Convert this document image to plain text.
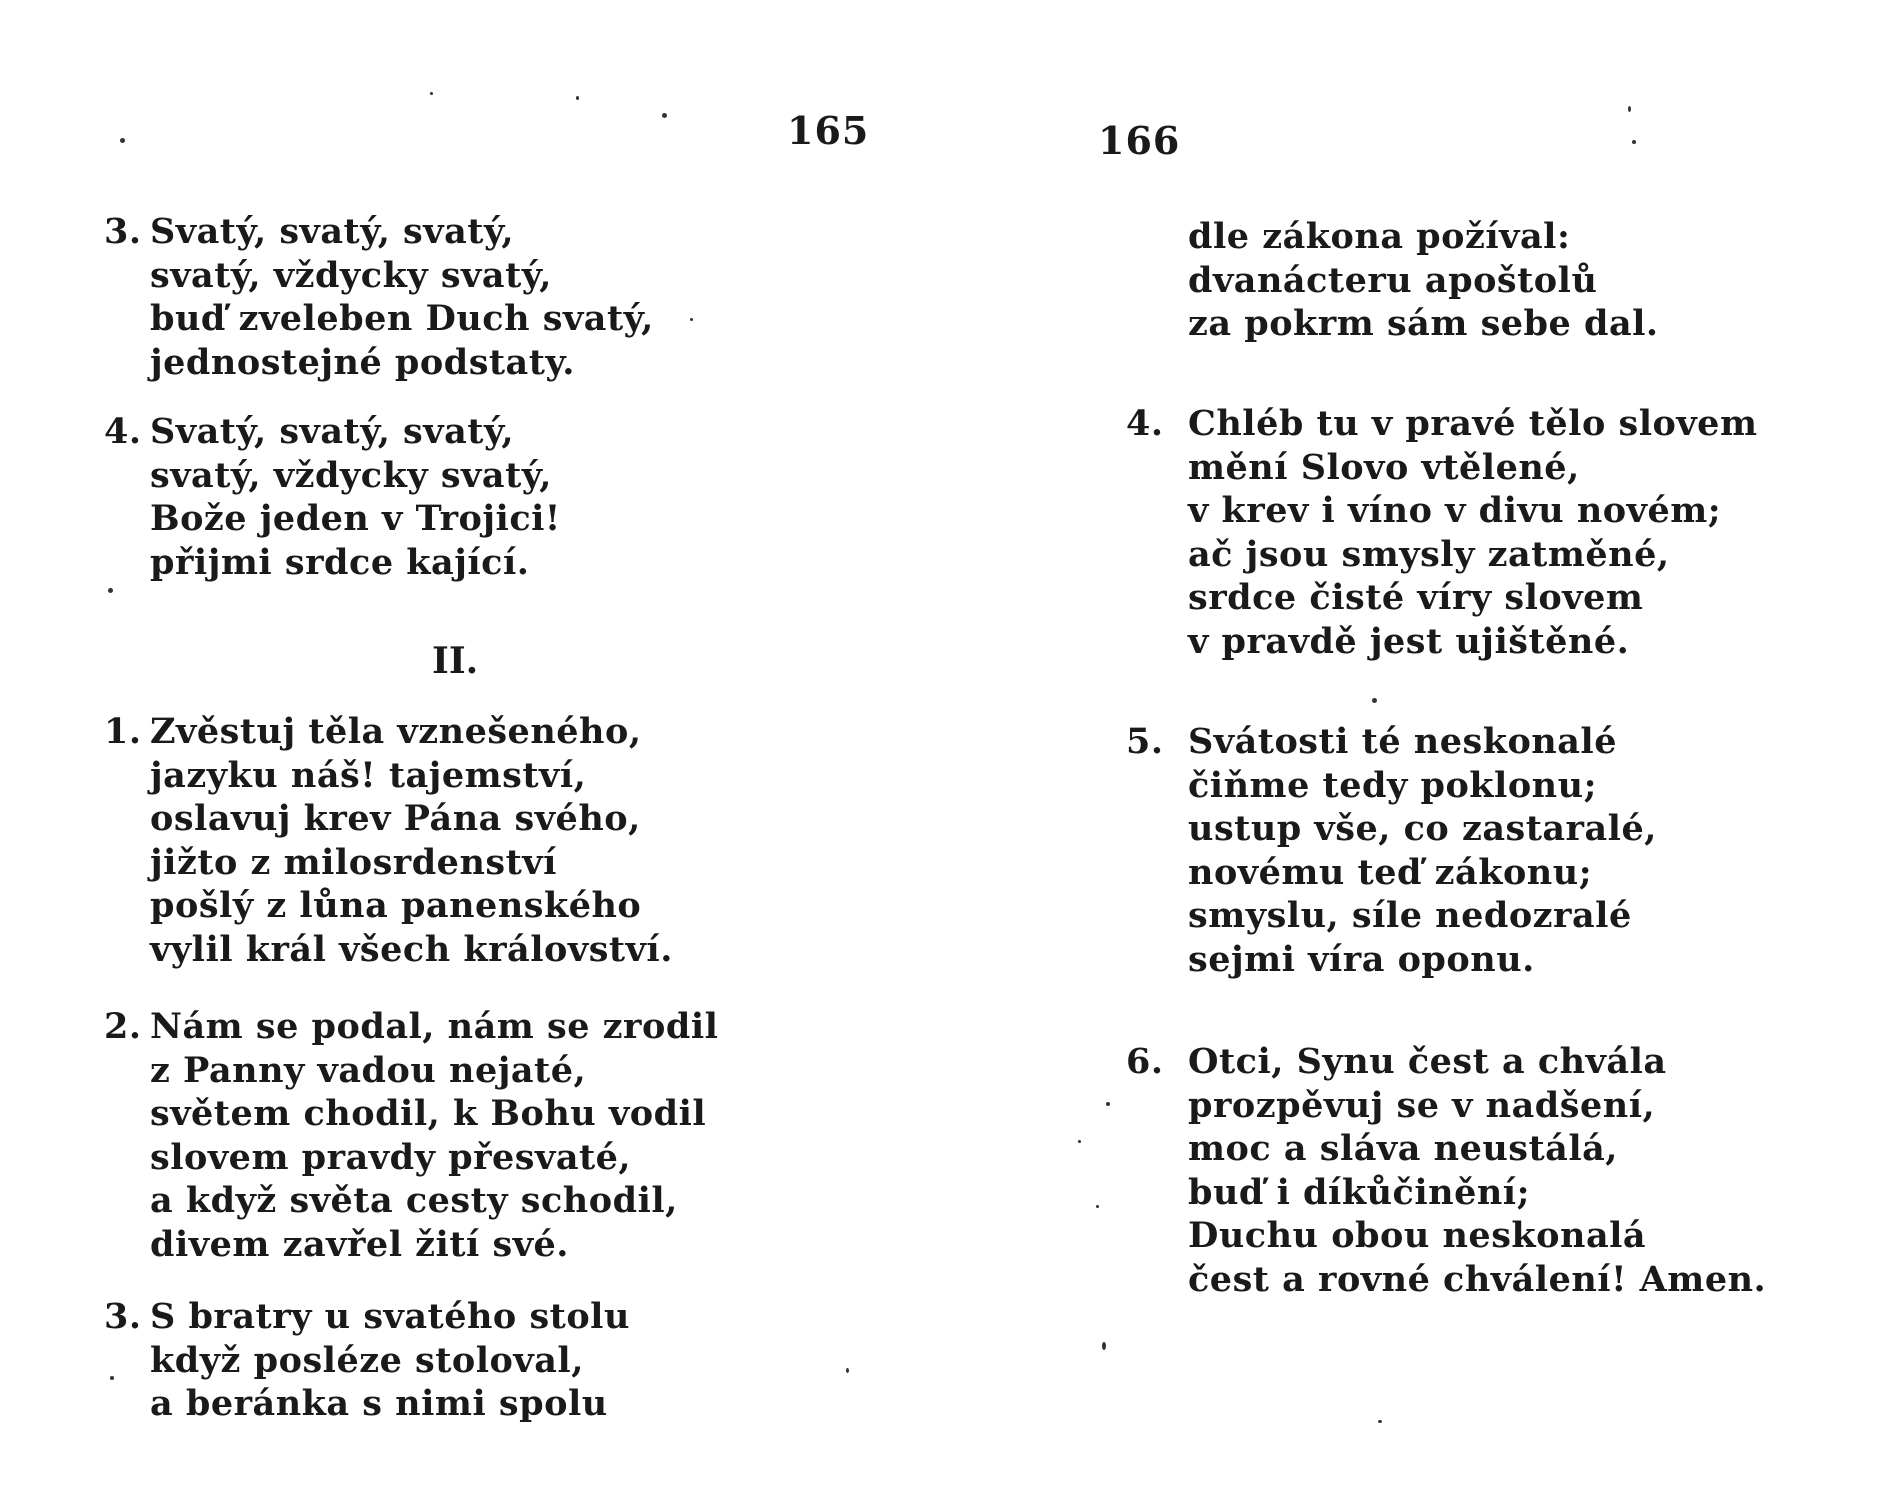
165
3. Svatý, svatý, svatý,
svatý, vždycky svatý,
buď zveleben Duch svatý,
jednostejné podstaty.
4. Svatý, svatý, svatý,
svatý, vždycky svatý,
Bože jeden v Trojici!
přijmi srdce kající.
II.
1. Zvěstuj těla vznešeného,
jazyku náš! tajemství,
oslavuj krev Pána svého,
jižto z milosrdenství
pošlý z lůna panenského
vylil král všech království.
2. Nám se podal, nám se zrodil
z Panny vadou nejaté,
světem chodil, k Bohu vodil
slovem pravdy přesvaté,
a když světa cesty schodil,
divem zavřel žití své.
3. S bratry u svatého stolu
když posléze stoloval,
a beránka s nimi spolu
166
dle zákona požíval:
dvanácteru apoštolů
za pokrm sám sebe dal.
4. Chléb tu v pravé tělo slovem
mění Slovo vtělené,
v krev i víno v divu novém;
ač jsou smysly zatměné,
srdce čisté víry slovem
v pravdě jest ujištěné.
5. Svátosti té neskonalé
čiňme tedy poklonu;
ustup vše, co zastaralé,
novému teď zákonu;
smyslu, síle nedozralé
sejmi víra oponu.
6. Otci, Synu čest a chvála
prozpěvuj se v nadšení,
moc a sláva neustálá,
buď i díkůčinění;
Duchu obou neskonalá
čest a rovné chválení! Amen.
